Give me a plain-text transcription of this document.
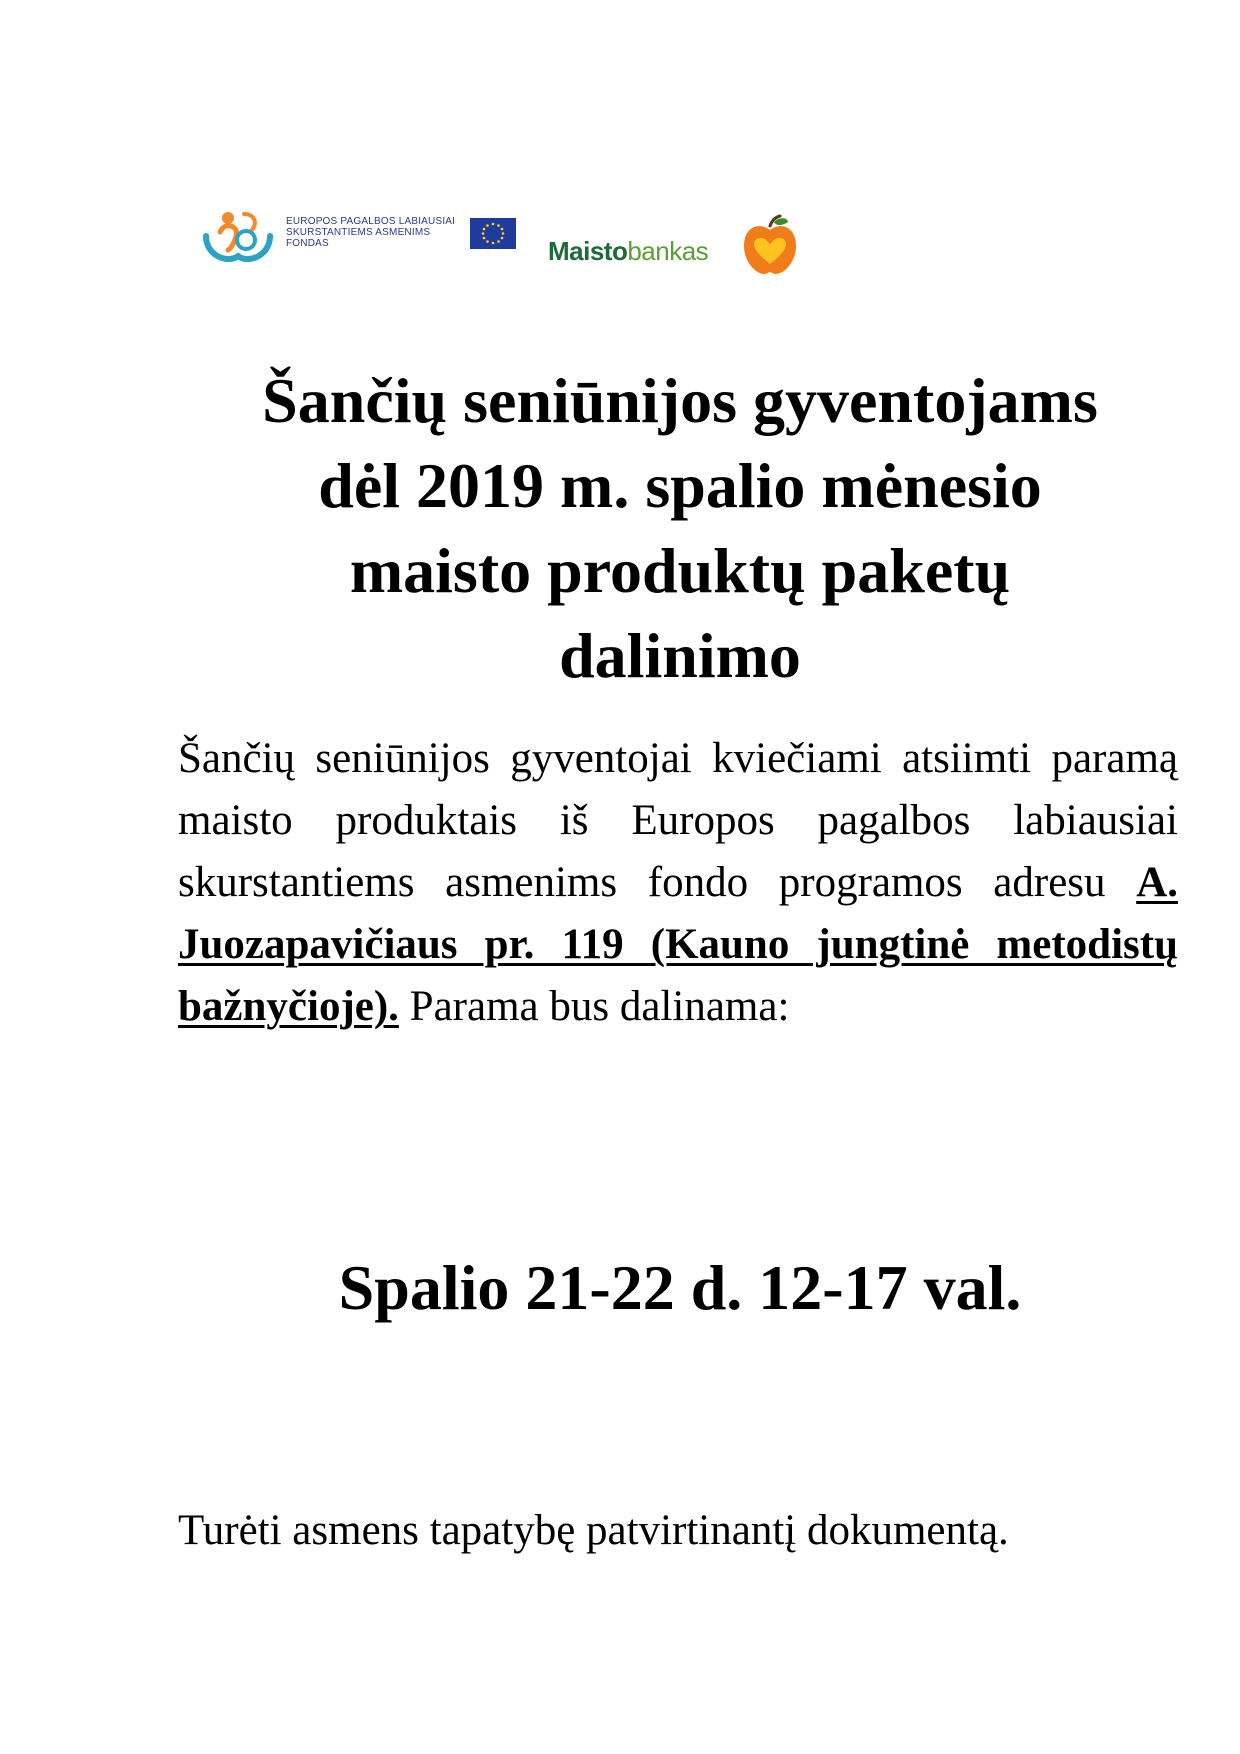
EUROPOS PAGALBOS LABIAUSIAI
SKURSTANTIEMS ASMENIMS
FONDAS	Maistobankas
Šančių seniūnijos gyventojams
dėl 2019 m. spalio mėnesio
maisto produktų paketų
dalinimo

Šančių seniūnijos gyventojai kviečiami atsiimti paramą maisto produktais iš Europos pagalbos labiausiai skurstantiems asmenims fondo programos adresu A. Juozapavičiaus pr. 119 (Kauno jungtinė metodistų bažnyčioje). Parama bus dalinama:

Spalio 21-22 d. 12-17 val.

Turėti asmens tapatybę patvirtinantį dokumentą.
